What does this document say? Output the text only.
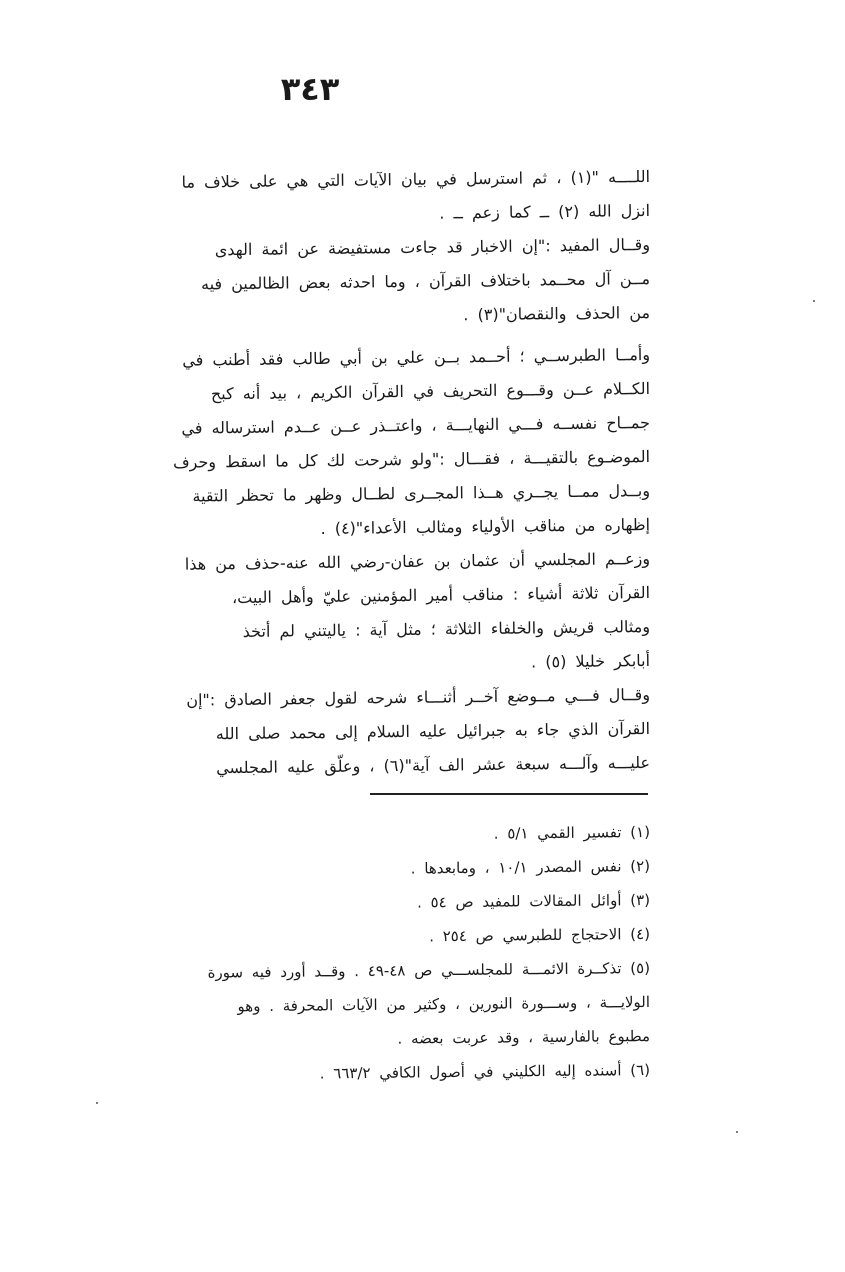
٣٤٣
اللــــه "(١) ، ثم استرسل في بيان الآيات التي هي على خلاف ما
انزل الله (٢) ــ كما زعم ــ .
وقــال المفيد :"إن الاخبار قد جاءت مستفيضة عن ائمة الهدى
مــن آل محــمد باختلاف القرآن ، وما احدثه بعض الظالمين فيه
من الحذف والنقصان"(٣) .
وأمــا الطبرســي ؛ أحــمد بــن علي بن أبي طالب فقد أطنب في
الكــلام عــن وقـــوع التحريف في القرآن الكريم ، بيد أنه كبح
جمــاح نفســه فـــي النهايـــة ، واعتــذر عــن عــدم استرساله في
الموضـوع بالتقيـــة ، فقـــال :"ولو شرحت لك كل ما اسقط وحرف
وبــدل ممــا يجــري هــذا المجــرى لطــال وظهر ما تحظر التقية
إظهاره من مناقب الأولياء ومثالب الأعداء"(٤) .
وزعــم المجلسي أن عثمان بن عفان-رضي الله عنه-حذف من هذا
القرآن ثلاثة أشياء : مناقب أمير المؤمنين عليّ وأهل البيت،
ومثالب قريش والخلفاء الثلاثة ؛ مثل آية : ياليتني لم أتخذ
أبابكر خليلا (٥) .
وقــال فـــي مــوضع آخــر أثنـــاء شرحه لقول جعفر الصادق :"إن
القرآن الذي جاء به جبرائيل عليه السلام إلى محمد صلى الله
عليـــه وآلـــه سبعة عشر الف آية"(٦) ، وعلّق عليه المجلسي
(١) تفسير القمي ٥/١ .
(٢) نفس المصدر ١٠/١ ، ومابعدها .
(٣) أوائل المقالات للمفيد ص ٥٤ .
(٤) الاحتجاج للطبرسي ص ٢٥٤ .
(٥) تذكــرة الائمـــة للمجلســـي ص ٤٨-٤٩ . وقــد أورد فيه سورة
الولايـــة ، وســـورة النورين ، وكثير من الآيات المحرفة . وهو
مطبوع بالفارسية ، وقد عربت بعضه .
(٦) أسنده إليه الكليني في أصول الكافي ٦٦٣/٢ .
